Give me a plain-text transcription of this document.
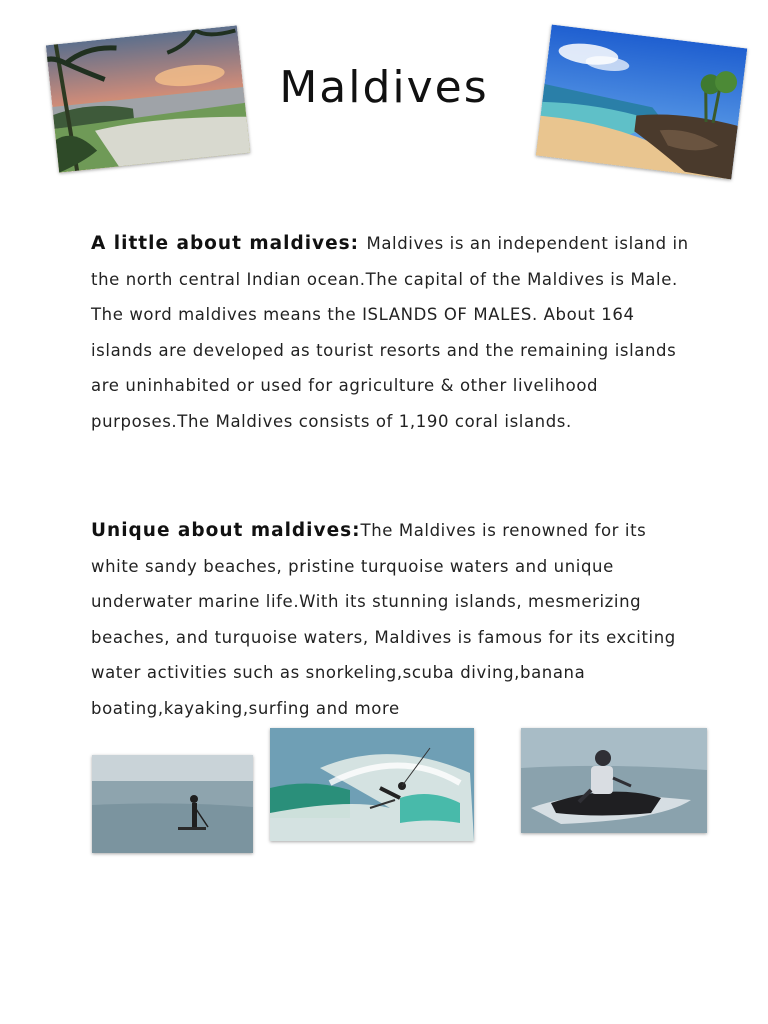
Maldives

A little about maldives: Maldives is an independent island in the north central Indian ocean.The capital of the Maldives is Male. The word maldives means the ISLANDS OF MALES. About 164 islands are developed as tourist resorts and the remaining islands are uninhabited or used for agriculture & other livelihood purposes.The Maldives consists of 1,190 coral islands.

Unique about maldives:The Maldives is renowned for its white sandy beaches, pristine turquoise waters and unique underwater marine life.With its stunning islands, mesmerizing beaches, and turquoise waters, Maldives is famous for its exciting water activities such as snorkeling,scuba diving,banana boating,kayaking,surfing and more
